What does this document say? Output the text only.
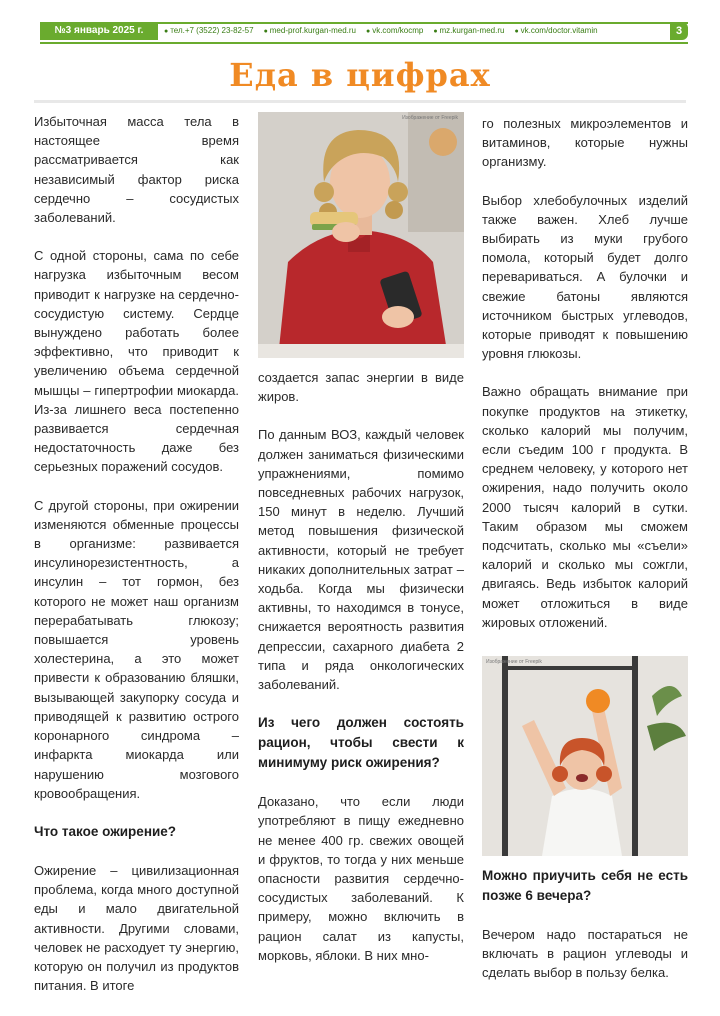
№3 январь 2025 г.	● тел.+7 (3522) 23-82-57	● med-prof.kurgan-med.ru	● vk.com/kocmp	● mz.kurgan-med.ru	● vk.com/doctor.vitamin	3
Еда в цифрах

Избыточная масса тела в настоящее время рассматривается как независимый фактор риска сердечно – сосудистых заболеваний.

С одной стороны, сама по себе нагрузка избыточным весом приводит к нагрузке на сердечно-сосудистую систему. Сердце вынуждено работать более эффективно, что приводит к увеличению объема сердечной мышцы – гипертрофии миокарда. Из-за лишнего веса постепенно развивается сердечная недостаточность даже без серьезных поражений сосудов.

С другой стороны, при ожирении изменяются обменные процессы в организме: развивается инсулинорезистентность, а инсулин – тот гормон, без которого не может наш организм перерабатывать глюкозу; повышается уровень холестерина, а это может привести к образованию бляшки, вызывающей закупорку сосуда и приводящей к развитию острого коронарного синдрома – инфаркта миокарда или нарушению мозгового кровообращения.

Что такое ожирение?

Ожирение – цивилизационная проблема, когда много доступной еды и мало двигательной активности. Другими словами, человек не расходует ту энергию, которую он получил из продуктов питания. В итоге

Изображение от Freepik

создается запас энергии в виде жиров.

По данным ВОЗ, каждый человек должен заниматься физическими упражнениями, помимо повседневных рабочих нагрузок, 150 минут в неделю. Лучший метод повышения физической активности, который не требует никаких дополнительных затрат – ходьба. Когда мы физически активны, то находимся в тонусе, снижается вероятность развития депрессии, сахарного диабета 2 типа и ряда онкологических заболеваний.

Из чего должен состоять рацион, чтобы свести к минимуму риск ожирения?

Доказано, что если люди употребляют в пищу ежедневно не менее 400 гр. свежих овощей и фруктов, то тогда у них меньше опасности развития сердечно-сосудистых заболеваний. К примеру, можно включить в рацион салат из капусты, морковь, яблоки. В них мно-

го полезных микроэлементов и витаминов, которые нужны организму.

Выбор хлебобулочных изделий также важен. Хлеб лучше выбирать из муки грубого помола, который будет долго перевариваться. А булочки и свежие батоны являются источником быстрых углеводов, которые приводят к повышению уровня глюкозы.

Важно обращать внимание при покупке продуктов на этикетку, сколько калорий мы получим, если съедим 100 г продукта. В среднем человеку, у которого нет ожирения, надо получить около 2000 тысяч калорий в сутки. Таким образом мы сможем подсчитать, сколько мы «съели» калорий и сколько мы сожгли, двигаясь. Ведь избыток калорий может отложиться в виде жировых отложений.

Изображение от Freepik
Можно приучить себя не есть позже 6 вечера?

Вечером надо постараться не включать в рацион углеводы и сделать выбор в пользу белка.
